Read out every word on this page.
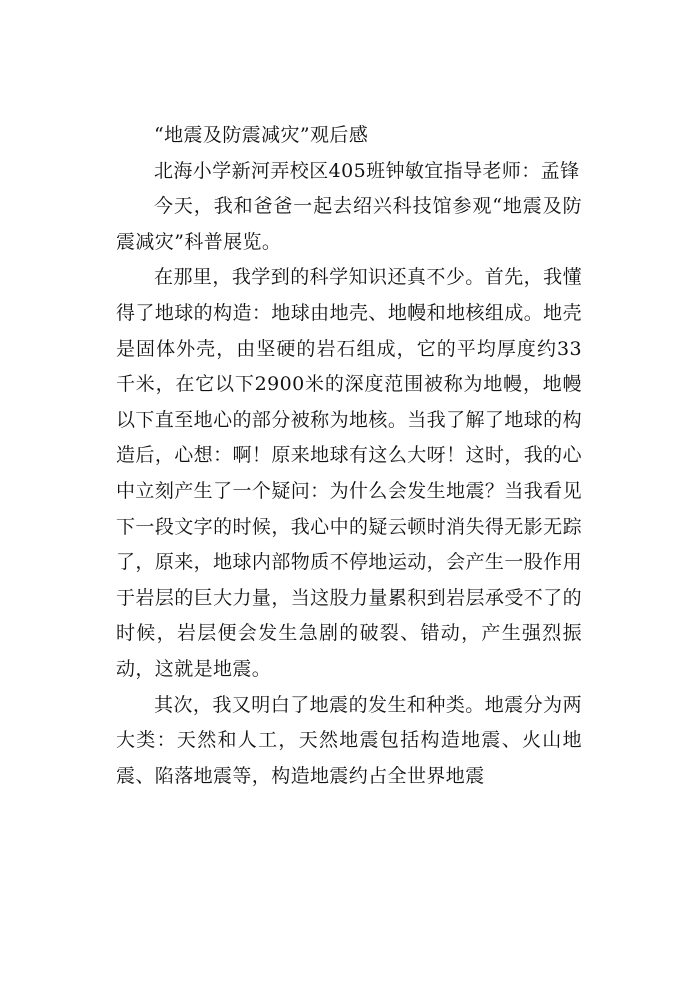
“地震及防震减灾”观后感

北海小学新河弄校区405班钟敏宜指导老师：孟锋

今天，我和爸爸一起去绍兴科技馆参观“地震及防震减灾”科普展览。

在那里，我学到的科学知识还真不少。首先，我懂得了地球的构造：地球由地壳、地幔和地核组成。地壳是固体外壳，由坚硬的岩石组成，它的平均厚度约33千米，在它以下2900米的深度范围被称为地幔，地幔以下直至地心的部分被称为地核。当我了解了地球的构造后，心想：啊！原来地球有这么大呀！这时，我的心中立刻产生了一个疑问：为什么会发生地震？当我看见下一段文字的时候，我心中的疑云顿时消失得无影无踪了，原来，地球内部物质不停地运动，会产生一股作用于岩层的巨大力量，当这股力量累积到岩层承受不了的时候，岩层便会发生急剧的破裂、错动，产生强烈振动，这就是地震。

其次，我又明白了地震的发生和种类。地震分为两大类：天然和人工，天然地震包括构造地震、火山地震、陷落地震等，构造地震约占全世界地震
